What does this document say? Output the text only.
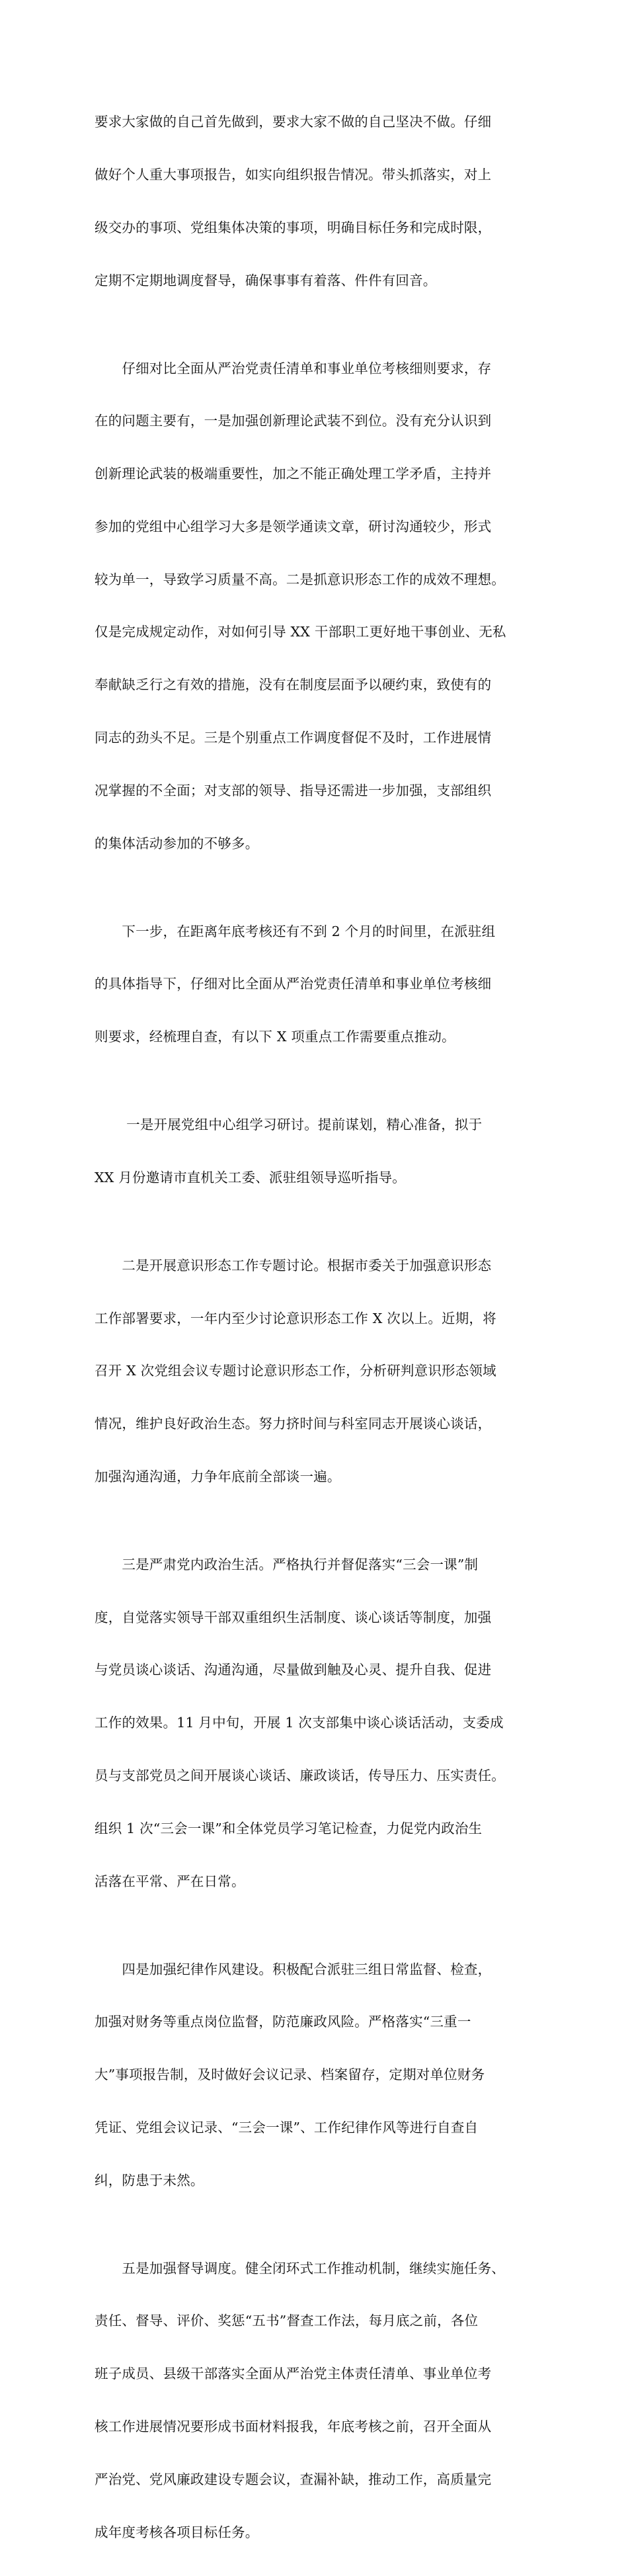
要求大家做的自己首先做到，要求大家不做的自己坚决不做。仔细

做好个人重大事项报告，如实向组织报告情况。带头抓落实，对上

级交办的事项、党组集体决策的事项，明确目标任务和完成时限，

定期不定期地调度督导，确保事事有着落、件件有回音。

　　仔细对比全面从严治党责任清单和事业单位考核细则要求，存

在的问题主要有，一是加强创新理论武装不到位。没有充分认识到

创新理论武装的极端重要性，加之不能正确处理工学矛盾，主持并

参加的党组中心组学习大多是领学通读文章，研讨沟通较少，形式

较为单一，导致学习质量不高。二是抓意识形态工作的成效不理想。

仅是完成规定动作，对如何引导 XX 干部职工更好地干事创业、无私

奉献缺乏行之有效的措施，没有在制度层面予以硬约束，致使有的

同志的劲头不足。三是个别重点工作调度督促不及时，工作进展情

况掌握的不全面；对支部的领导、指导还需进一步加强，支部组织

的集体活动参加的不够多。

　　下一步，在距离年底考核还有不到 2 个月的时间里，在派驻组

的具体指导下，仔细对比全面从严治党责任清单和事业单位考核细

则要求，经梳理自查，有以下 X 项重点工作需要重点推动。

　　 一是开展党组中心组学习研讨。提前谋划，精心准备，拟于

XX 月份邀请市直机关工委、派驻组领导巡听指导。

　　二是开展意识形态工作专题讨论。根据市委关于加强意识形态

工作部署要求，一年内至少讨论意识形态工作 X 次以上。近期，将

召开 X 次党组会议专题讨论意识形态工作，分析研判意识形态领域

情况，维护良好政治生态。努力挤时间与科室同志开展谈心谈话，

加强沟通沟通，力争年底前全部谈一遍。

　　三是严肃党内政治生活。严格执行并督促落实“三会一课”制

度，自觉落实领导干部双重组织生活制度、谈心谈话等制度，加强

与党员谈心谈话、沟通沟通，尽量做到触及心灵、提升自我、促进

工作的效果。11 月中旬，开展 1 次支部集中谈心谈话活动，支委成

员与支部党员之间开展谈心谈话、廉政谈话，传导压力、压实责任。

组织 1 次“三会一课”和全体党员学习笔记检查，力促党内政治生

活落在平常、严在日常。

　　四是加强纪律作风建设。积极配合派驻三组日常监督、检查，

加强对财务等重点岗位监督，防范廉政风险。严格落实“三重一

大”事项报告制，及时做好会议记录、档案留存，定期对单位财务

凭证、党组会议记录、“三会一课”、工作纪律作风等进行自查自

纠，防患于未然。

　　五是加强督导调度。健全闭环式工作推动机制，继续实施任务、

责任、督导、评价、奖惩“五书”督查工作法，每月底之前，各位

班子成员、县级干部落实全面从严治党主体责任清单、事业单位考

核工作进展情况要形成书面材料报我，年底考核之前，召开全面从

严治党、党风廉政建设专题会议，查漏补缺，推动工作，高质量完

成年度考核各项目标任务。
